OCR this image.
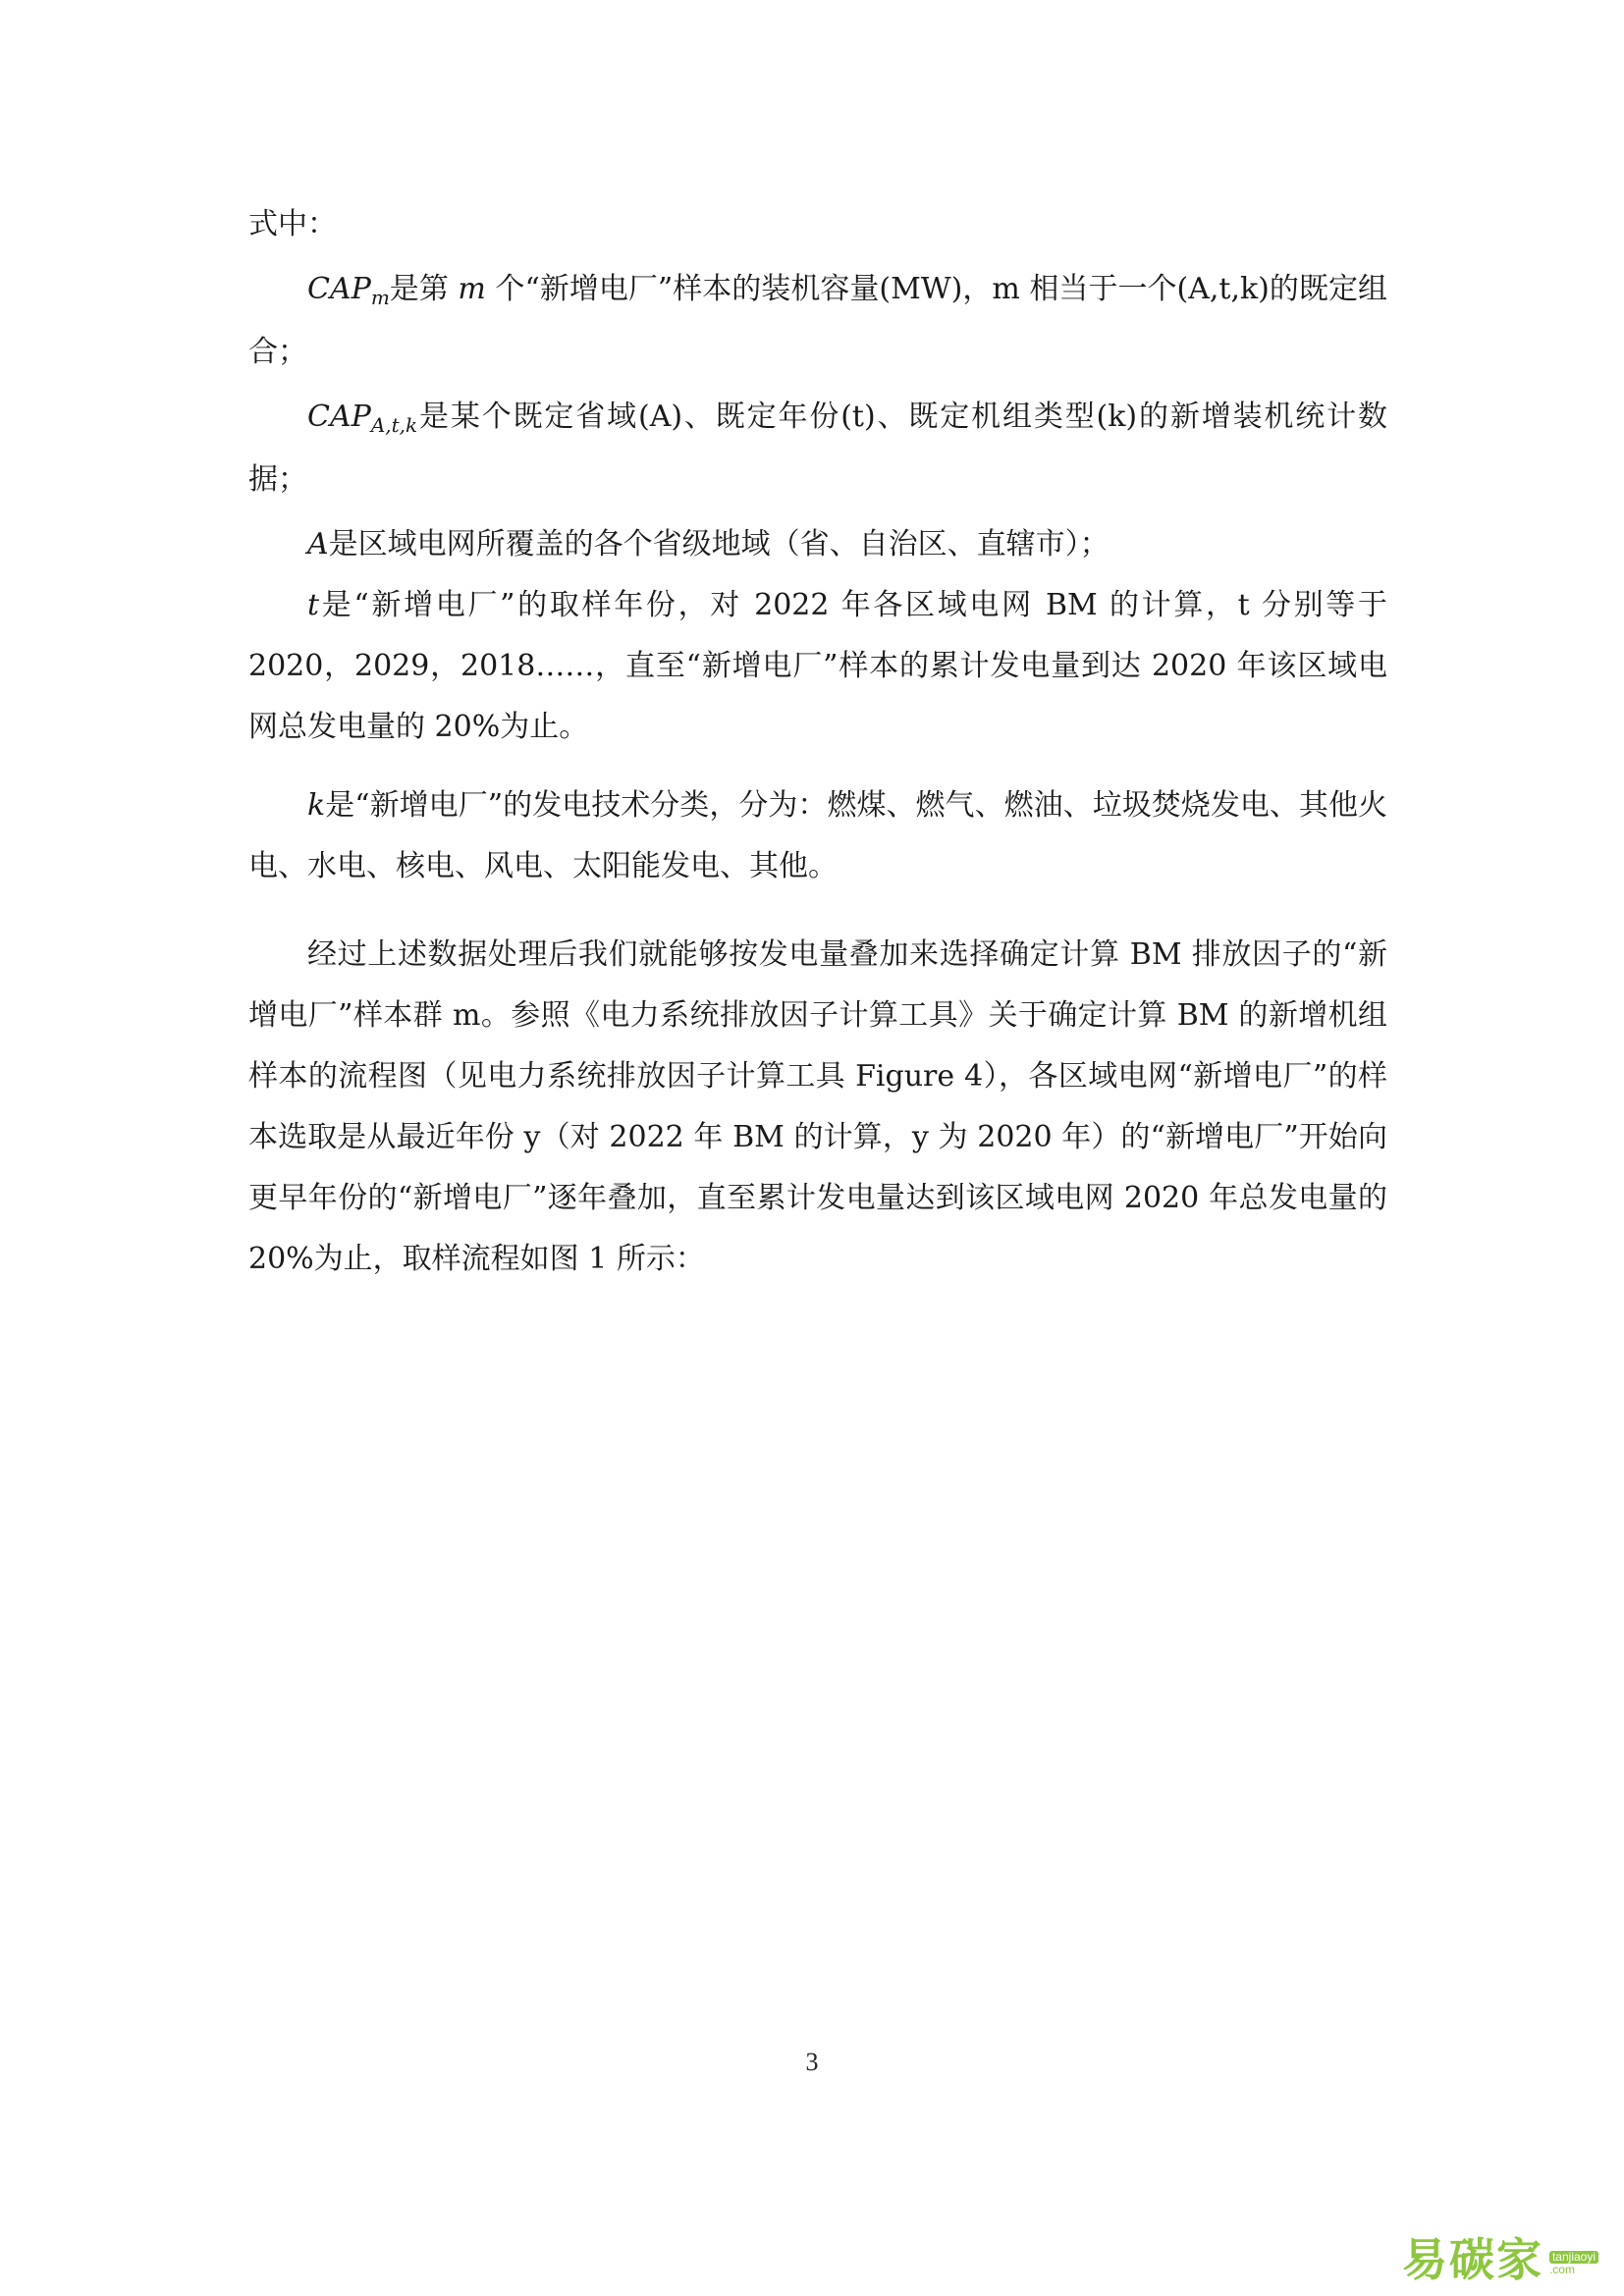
式中：

$CAP_m$是第 m 个“新增电厂”样本的装机容量(MW)，m 相当于一个(A,t,k)的既定组合；

$CAP_{A,t,k}$是某个既定省域(A)、既定年份(t)、既定机组类型(k)的新增装机统计数据；

A是区域电网所覆盖的各个省级地域（省、自治区、直辖市）；

t是“新增电厂”的取样年份，对 2022 年各区域电网 BM 的计算，t 分别等于 2020，2029，2018……，直至“新增电厂”样本的累计发电量到达 2020 年该区域电网总发电量的 20%为止。

k是“新增电厂”的发电技术分类，分为：燃煤、燃气、燃油、垃圾焚烧发电、其他火电、水电、核电、风电、太阳能发电、其他。

经过上述数据处理后我们就能够按发电量叠加来选择确定计算 BM 排放因子的“新增电厂”样本群 m。参照《电力系统排放因子计算工具》关于确定计算 BM 的新增机组样本的流程图（见电力系统排放因子计算工具 Figure 4），各区域电网“新增电厂”的样本选取是从最近年份 y（对 2022 年 BM 的计算，y 为 2020 年）的“新增电厂”开始向更早年份的“新增电厂”逐年叠加，直至累计发电量达到该区域电网 2020 年总发电量的 20%为止，取样流程如图 1 所示：

3
易碳家 tanjiaoyi
.com
